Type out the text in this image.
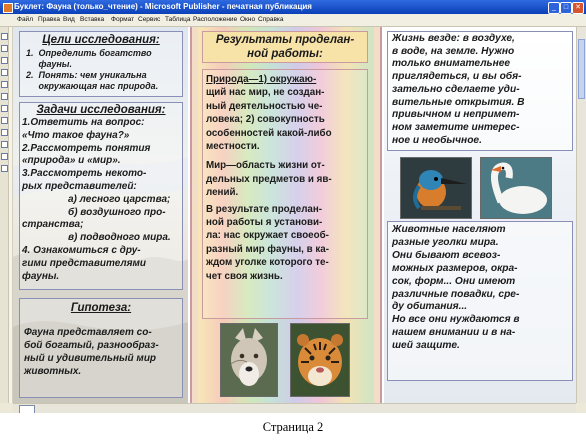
Буклет: Фауна (только_чтение) - Microsoft Publisher - печатная публикация	_	□ ✕
Файл Правка Вид Вставка Формат Сервис Таблица Расположение Окно Справка
Цели исследования:
1.  Определить богатство
фауны.
2.  Понять: чем уникальна
окружающая нас природа.
Задачи исследования:
1.Ответить на вопрос:
«Что такое фауна?»
2.Рассмотреть понятия
«природа» и «мир».
3.Рассмотреть некото-
рых представителей:
а) лесного царства;
б) воздушного про-
странства;
в) подводного мира.
4. Ознакомиться с дру-
гими представителями
фауны.
Гипотеза:
Фауна представляет со-
бой богатый, разнообраз-
ный и удивительный мир
животных.
Результаты проделан-
ной работы:
Природа—1) окружаю-
щий нас мир, не создан-
ный деятельностью че-
ловека; 2) совокупность
особенностей какой-либо
местности.
Мир—область жизни от-
дельных предметов и яв-
лений.
В результате проделан-
ной работы я установи-
ла: нас окружает своеоб-
разный мир фауны, в ка-
ждом уголке которого те-
чет своя жизнь.
Жизнь везде: в воздухе,
в воде, на земле. Нужно
только внимательнее
приглядеться, и вы обя-
зательно сделаете уди-
вительные открытия. В
привычном и непримет-
ном заметите интерес-
ное и необычное.
Животные населяют
разные уголки мира.
Они бывают всевоз-
можных размеров, окра-
сок, форм... Они имеют
различные повадки, сре-
ду обитания...
Но все они нуждаются в
нашем внимании и в на-
шей защите.
Страница 2
